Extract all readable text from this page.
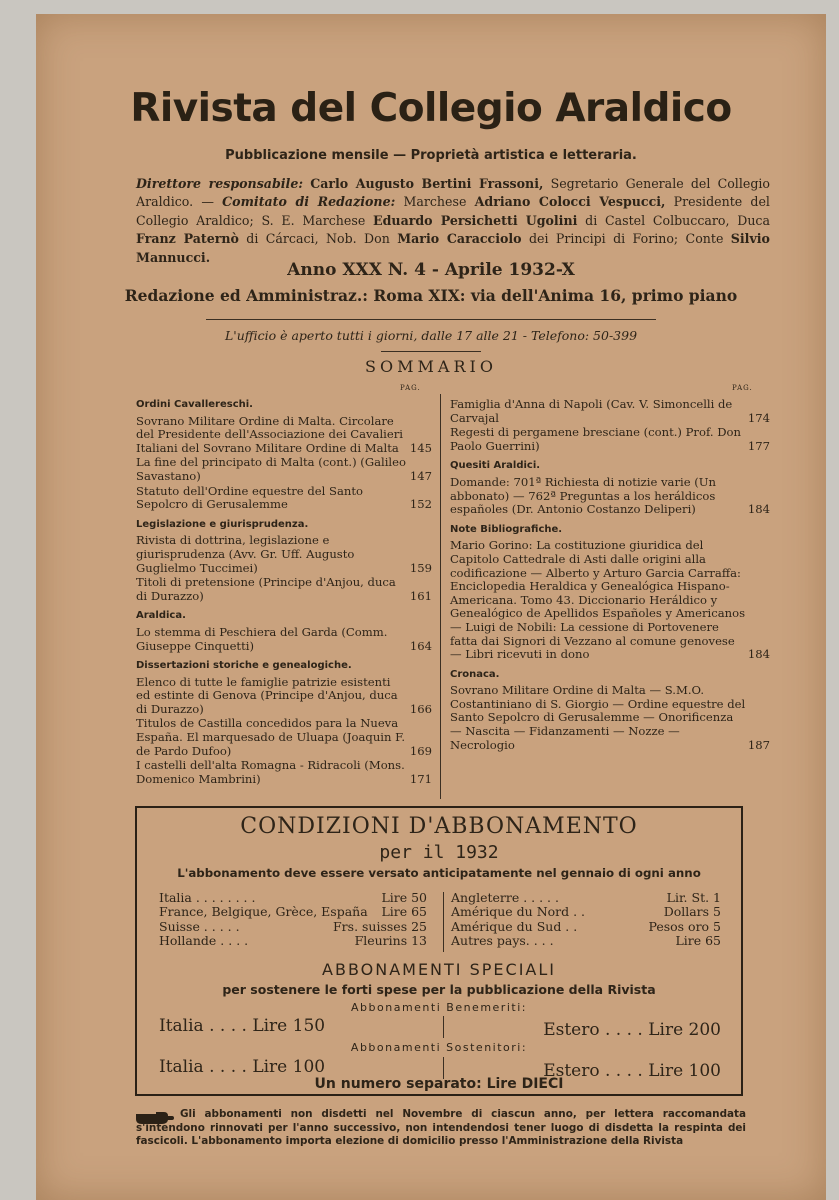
Rivista del Collegio Araldico
Pubblicazione mensile — Proprietà artistica e letteraria.
Direttore responsabile: Carlo Augusto Bertini Frassoni, Segretario Generale del Collegio Araldico. — Comitato di Redazione: Marchese Adriano Colocci Vespucci, Presidente del Collegio Araldico; S. E. Marchese Eduardo Persichetti Ugolini di Castel Colbuccaro, Duca Franz Paternò di Cárcaci, Nob. Don Mario Caracciolo dei Principi di Forino; Conte Silvio Mannucci.
Anno XXX N. 4 - Aprile 1932-X
Redazione ed Amministraz.: Roma XIX: via dell'Anima 16, primo piano
L'ufficio è aperto tutti i giorni, dalle 17 alle 21 - Telefono: 50-399
SOMMARIO
PAG.	PAG.
Ordini Cavallereschi.
Sovrano Militare Ordine di Malta. Circolare del Presidente dell'Associazione dei Cavalieri Italiani del Sovrano Militare Ordine di Malta 145
La fine del principato di Malta (cont.) (Galileo Savastano)	147
Statuto dell'Ordine equestre del Santo Sepolcro di Gerusalemme	152
Legislazione e giurisprudenza.
Rivista di dottrina, legislazione e giurisprudenza (Avv. Gr. Uff. Augusto Guglielmo Tuccimei)	159
Titoli di pretensione (Principe d'Anjou, duca di Durazzo)	161
Araldica.
Lo stemma di Peschiera del Garda (Comm. Giuseppe Cinquetti)	164
Dissertazioni storiche e genealogiche.
Elenco di tutte le famiglie patrizie esistenti ed estinte di Genova (Principe d'Anjou, duca di Durazzo)	166
Titulos de Castilla concedidos para la Nueva España. El marquesado de Uluapa (Joaquin F. de Pardo Dufoo)	169
I castelli dell'alta Romagna - Ridracoli (Mons. Domenico Mambrini)	171
Famiglia d'Anna di Napoli (Cav. V. Simoncelli de Carvajal	174
Regesti di pergamene bresciane (cont.) Prof. Don Paolo Guerrini)	177
Quesiti Araldici.
Domande: 701ª Richiesta di notizie varie (Un abbonato) — 762ª Preguntas a los heráldicos españoles (Dr. Antonio Costanzo Deliperi)	184
Note Bibliografiche.
Mario Gorino: La costituzione giuridica del Capitolo Cattedrale di Asti dalle origini alla codificazione — Alberto y Arturo Garcia Carraffa: Enciclopedia Heraldica y Genealógica Hispano-Americana. Tomo 43. Diccionario Heráldico y Genealógico de Apellidos Españoles y Americanos — Luigi de Nobili: La cessione di Portovenere fatta dai Signori di Vezzano al comune genovese — Libri ricevuti in dono	184
Cronaca.
Sovrano Militare Ordine di Malta — S.M.O. Costantiniano di S. Giorgio — Ordine equestre del Santo Sepolcro di Gerusalemme — Onorificenza — Nascita — Fidanzamenti — Nozze — Necrologio	187
CONDIZIONI D'ABBONAMENTO
per il 1932
L'abbonamento deve essere versato anticipatamente nel gennaio di ogni anno
Italia . . . . . . . .	Lire 50
France, Belgique, Grèce, España Lire 65
Suisse . . . . .	Frs. suisses 25
Hollande . . . .	Fleurins 13
Angleterre . . . . .	Lir. St. 1
Amérique du Nord . .	Dollars 5
Amérique du Sud . .	Pesos oro 5
Autres pays. . . .	Lire 65
ABBONAMENTI SPECIALI
per sostenere le forti spese per la pubblicazione della Rivista
Abbonamenti Benemeriti:
Italia . . . . Lire 150	Estero . . . . Lire 200
Abbonamenti Sostenitori:
Italia . . . . Lire 100	Estero . . . . Lire 100
Un numero separato: Lire DIECI
Gli abbonamenti non disdetti nel Novembre di ciascun anno, per lettera raccomandata s'intendono rinnovati per l'anno successivo, non intendendosi tener luogo di disdetta la respinta dei fascicoli. L'abbonamento importa elezione di domicilio presso l'Amministrazione della Rivista
